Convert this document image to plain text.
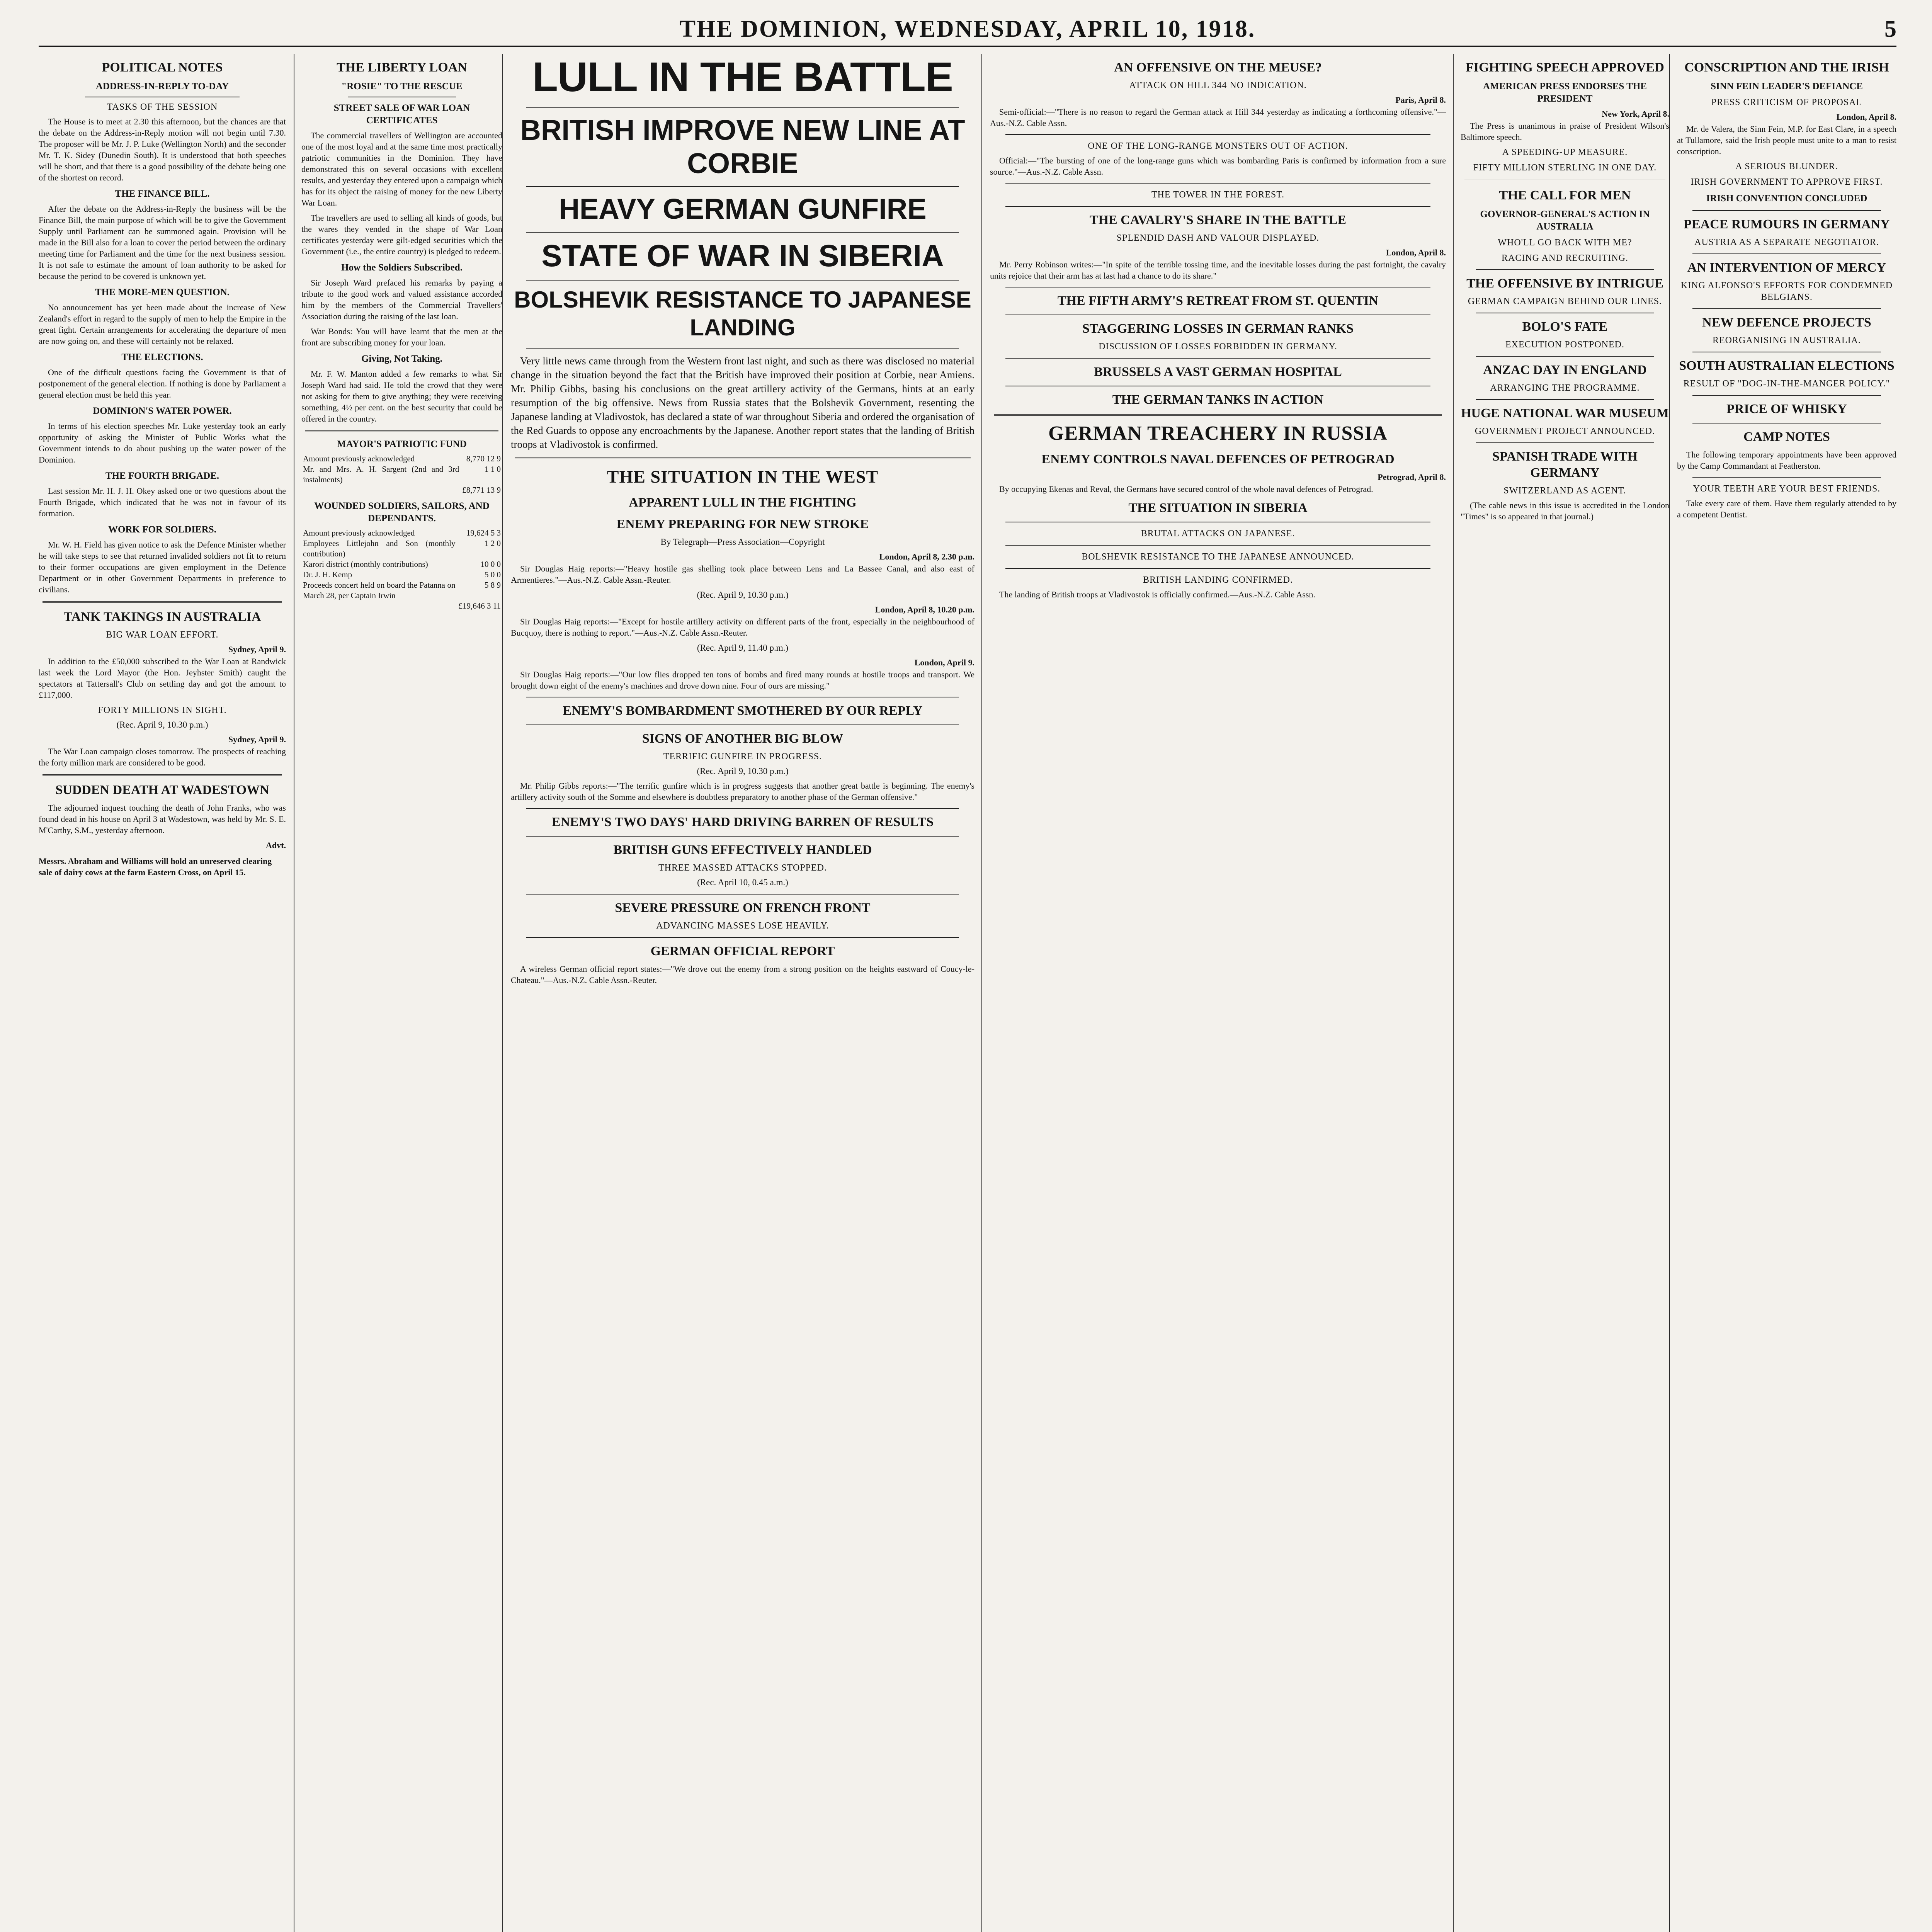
THE DOMINION, WEDNESDAY, APRIL 10, 1918.	5
POLITICAL NOTES
ADDRESS-IN-REPLY TO-DAY
TASKS OF THE SESSION

The House is to meet at 2.30 this afternoon, but the chances are that the debate on the Address-in-Reply motion will not begin until 7.30. The proposer will be Mr. J. P. Luke (Wellington North) and the seconder Mr. T. K. Sidey (Dunedin South). It is understood that both speeches will be short, and that there is a good possibility of the debate being one of the shortest on record.

THE FINANCE BILL.

After the debate on the Address-in-Reply the business will be the Finance Bill, the main purpose of which will be to give the Government Supply until Parliament can be summoned again. Provision will be made in the Bill also for a loan to cover the period between the ordinary meeting time for Parliament and the time for the next business session. It is not safe to estimate the amount of loan authority to be asked for because the period to be covered is unknown yet.

THE MORE-MEN QUESTION.

No announcement has yet been made about the increase of New Zealand's effort in regard to the supply of men to help the Empire in the great fight. Certain arrangements for accelerating the departure of men are now going on, and these will certainly not be relaxed.

THE ELECTIONS.

One of the difficult questions facing the Government is that of postponement of the general election. If nothing is done by Parliament a general election must be held this year.

DOMINION'S WATER POWER.

In terms of his election speeches Mr. Luke yesterday took an early opportunity of asking the Minister of Public Works what the Government intends to do about pushing up the water power of the Dominion.

THE FOURTH BRIGADE.

Last session Mr. H. J. H. Okey asked one or two questions about the Fourth Brigade, which indicated that he was not in favour of its formation.

WORK FOR SOLDIERS.

Mr. W. H. Field has given notice to ask the Defence Minister whether he will take steps to see that returned invalided soldiers not fit to return to their former occupations are given employment in the Defence Department or in other Government Departments in preference to civilians.

TANK TAKINGS IN AUSTRALIA
BIG WAR LOAN EFFORT.
Sydney, April 9.

In addition to the £50,000 subscribed to the War Loan at Randwick last week the Lord Mayor (the Hon. Jeyhster Smith) caught the spectators at Tattersall's Club on settling day and got the amount to £117,000.

FORTY MILLIONS IN SIGHT.
(Rec. April 9, 10.30 p.m.)
Sydney, April 9.

The War Loan campaign closes tomorrow. The prospects of reaching the forty million mark are considered to be good.

SUDDEN DEATH AT WADESTOWN

The adjourned inquest touching the death of John Franks, who was found dead in his house on April 3 at Wadestown, was held by Mr. S. E. M'Carthy, S.M., yesterday afternoon.

Advt.
Messrs. Abraham and Williams will hold an unreserved clearing sale of dairy cows at the farm Eastern Cross, on April 15.
THE LIBERTY LOAN
"ROSIE" TO THE RESCUE
STREET SALE OF WAR LOAN CERTIFICATES

The commercial travellers of Wellington are accounted one of the most loyal and at the same time most practically patriotic communities in the Dominion. They have demonstrated this on several occasions with excellent results, and yesterday they entered upon a campaign which has for its object the raising of money for the new Liberty War Loan.

The travellers are used to selling all kinds of goods, but the wares they vended in the shape of War Loan certificates yesterday were gilt-edged securities which the Government (i.e., the entire country) is pledged to redeem.

How the Soldiers Subscribed.

Sir Joseph Ward prefaced his remarks by paying a tribute to the good work and valued assistance accorded him by the members of the Commercial Travellers' Association during the raising of the last loan.

War Bonds: You will have learnt that the men at the front are subscribing money for your loan.

Giving, Not Taking.

Mr. F. W. Manton added a few remarks to what Sir Joseph Ward had said. He told the crowd that they were not asking for them to give anything; they were receiving something, 4½ per cent. on the best security that could be offered in the country.

MAYOR'S PATRIOTIC FUND
Amount previously acknowledged	8,770 12 9
Mr. and Mrs. A. H. Sargent (2nd and 3rd instalments)	1 1 0
	£8,771 13 9
WOUNDED SOLDIERS, SAILORS, AND DEPENDANTS.
Amount previously acknowledged	19,624 5 3
Employees Littlejohn and Son (monthly contribution)	1 2 0
Karori district (monthly contributions)	10 0 0
Dr. J. H. Kemp	5 0 0
Proceeds concert held on board the Patanna on March 28, per Captain Irwin	5 8 9
	£19,646 3 11
LULL IN THE BATTLE
BRITISH IMPROVE NEW LINE AT CORBIE
HEAVY GERMAN GUNFIRE
STATE OF WAR IN SIBERIA
BOLSHEVIK RESISTANCE TO JAPANESE LANDING

Very little news came through from the Western front last night, and such as there was disclosed no material change in the situation beyond the fact that the British have improved their position at Corbie, near Amiens. Mr. Philip Gibbs, basing his conclusions on the great artillery activity of the Germans, hints at an early resumption of the big offensive. News from Russia states that the Bolshevik Government, resenting the Japanese landing at Vladivostok, has declared a state of war throughout Siberia and ordered the organisation of the Red Guards to oppose any encroachments by the Japanese. Another report states that the landing of British troops at Vladivostok is confirmed.

THE SITUATION IN THE WEST
APPARENT LULL IN THE FIGHTING
ENEMY PREPARING FOR NEW STROKE
By Telegraph—Press Association—Copyright
London, April 8, 2.30 p.m.

Sir Douglas Haig reports:—"Heavy hostile gas shelling took place between Lens and La Bassee Canal, and also east of Armentieres."—Aus.-N.Z. Cable Assn.-Reuter.

(Rec. April 9, 10.30 p.m.)
London, April 8, 10.20 p.m.

Sir Douglas Haig reports:—"Except for hostile artillery activity on different parts of the front, especially in the neighbourhood of Bucquoy, there is nothing to report."—Aus.-N.Z. Cable Assn.-Reuter.

(Rec. April 9, 11.40 p.m.)
London, April 9.

Sir Douglas Haig reports:—"Our low flies dropped ten tons of bombs and fired many rounds at hostile troops and transport. We brought down eight of the enemy's machines and drove down nine. Four of ours are missing."

ENEMY'S BOMBARDMENT SMOTHERED BY OUR REPLY
SIGNS OF ANOTHER BIG BLOW
TERRIFIC GUNFIRE IN PROGRESS.
(Rec. April 9, 10.30 p.m.)

Mr. Philip Gibbs reports:—"The terrific gunfire which is in progress suggests that another great battle is beginning. The enemy's artillery activity south of the Somme and elsewhere is doubtless preparatory to another phase of the German offensive."

ENEMY'S TWO DAYS' HARD DRIVING BARREN OF RESULTS
BRITISH GUNS EFFECTIVELY HANDLED
THREE MASSED ATTACKS STOPPED.
(Rec. April 10, 0.45 a.m.)
SEVERE PRESSURE ON FRENCH FRONT
ADVANCING MASSES LOSE HEAVILY.
GERMAN OFFICIAL REPORT

A wireless German official report states:—"We drove out the enemy from a strong position on the heights eastward of Coucy-le-Chateau."—Aus.-N.Z. Cable Assn.-Reuter.

AN OFFENSIVE ON THE MEUSE?
ATTACK ON HILL 344 NO INDICATION.
Paris, April 8.

Semi-official:—"There is no reason to regard the German attack at Hill 344 yesterday as indicating a forthcoming offensive."—Aus.-N.Z. Cable Assn.

ONE OF THE LONG-RANGE MONSTERS OUT OF ACTION.

Official:—"The bursting of one of the long-range guns which was bombarding Paris is confirmed by information from a sure source."—Aus.-N.Z. Cable Assn.

THE TOWER IN THE FOREST.
THE CAVALRY'S SHARE IN THE BATTLE
SPLENDID DASH AND VALOUR DISPLAYED.
London, April 8.

Mr. Perry Robinson writes:—"In spite of the terrible tossing time, and the inevitable losses during the past fortnight, the cavalry units rejoice that their arm has at last had a chance to do its share."

THE FIFTH ARMY'S RETREAT FROM ST. QUENTIN
STAGGERING LOSSES IN GERMAN RANKS
DISCUSSION OF LOSSES FORBIDDEN IN GERMANY.
BRUSSELS A VAST GERMAN HOSPITAL
THE GERMAN TANKS IN ACTION
GERMAN TREACHERY IN RUSSIA
ENEMY CONTROLS NAVAL DEFENCES OF PETROGRAD
Petrograd, April 8.

By occupying Ekenas and Reval, the Germans have secured control of the whole naval defences of Petrograd.

THE SITUATION IN SIBERIA
BRUTAL ATTACKS ON JAPANESE.
BOLSHEVIK RESISTANCE TO THE JAPANESE ANNOUNCED.
BRITISH LANDING CONFIRMED.

The landing of British troops at Vladivostok is officially confirmed.—Aus.-N.Z. Cable Assn.

FIGHTING SPEECH APPROVED
AMERICAN PRESS ENDORSES THE PRESIDENT
New York, April 8.

The Press is unanimous in praise of President Wilson's Baltimore speech.

A SPEEDING-UP MEASURE.
FIFTY MILLION STERLING IN ONE DAY.
THE CALL FOR MEN
GOVERNOR-GENERAL'S ACTION IN AUSTRALIA
WHO'LL GO BACK WITH ME?
RACING AND RECRUITING.
THE OFFENSIVE BY INTRIGUE
GERMAN CAMPAIGN BEHIND OUR LINES.
BOLO'S FATE
EXECUTION POSTPONED.
ANZAC DAY IN ENGLAND
ARRANGING THE PROGRAMME.
HUGE NATIONAL WAR MUSEUM
GOVERNMENT PROJECT ANNOUNCED.
SPANISH TRADE WITH GERMANY
SWITZERLAND AS AGENT.

(The cable news in this issue is accredited in the London "Times" is so appeared in that journal.)

CONSCRIPTION AND THE IRISH
SINN FEIN LEADER'S DEFIANCE
PRESS CRITICISM OF PROPOSAL
London, April 8.

Mr. de Valera, the Sinn Fein, M.P. for East Clare, in a speech at Tullamore, said the Irish people must unite to a man to resist conscription.

A SERIOUS BLUNDER.
IRISH GOVERNMENT TO APPROVE FIRST.
IRISH CONVENTION CONCLUDED
PEACE RUMOURS IN GERMANY
AUSTRIA AS A SEPARATE NEGOTIATOR.
AN INTERVENTION OF MERCY
KING ALFONSO'S EFFORTS FOR CONDEMNED BELGIANS.
NEW DEFENCE PROJECTS
REORGANISING IN AUSTRALIA.
SOUTH AUSTRALIAN ELECTIONS
RESULT OF "DOG-IN-THE-MANGER POLICY."
PRICE OF WHISKY
CAMP NOTES

The following temporary appointments have been approved by the Camp Commandant at Featherston.

YOUR TEETH ARE YOUR BEST FRIENDS.

Take every care of them. Have them regularly attended to by a competent Dentist.
